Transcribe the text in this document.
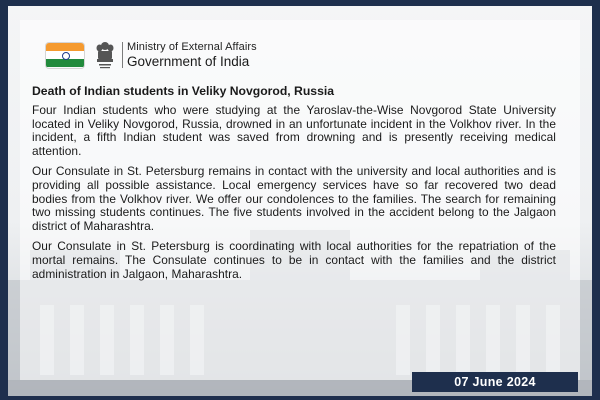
Ministry of External Affairs
Government of India
Death of Indian students in Veliky Novgorod, Russia

Four Indian students who were studying at the Yaroslav-the-Wise Novgorod State University located in Veliky Novgorod, Russia, drowned in an unfortunate incident in the Volkhov river. In the incident, a fifth Indian student was saved from drowning and is presently receiving medical attention.

Our Consulate in St. Petersburg remains in contact with the university and local authorities and is providing all possible assistance. Local emergency services have so far recovered two dead bodies from the Volkhov river. We offer our condolences to the families. The search for remaining two missing students continues. The five students involved in the accident belong to the Jalgaon district of Maharashtra.

Our Consulate in St. Petersburg is coordinating with local authorities for the repatriation of the mortal remains. The Consulate continues to be in contact with the families and the district administration in Jalgaon, Maharashtra.

07 June 2024
